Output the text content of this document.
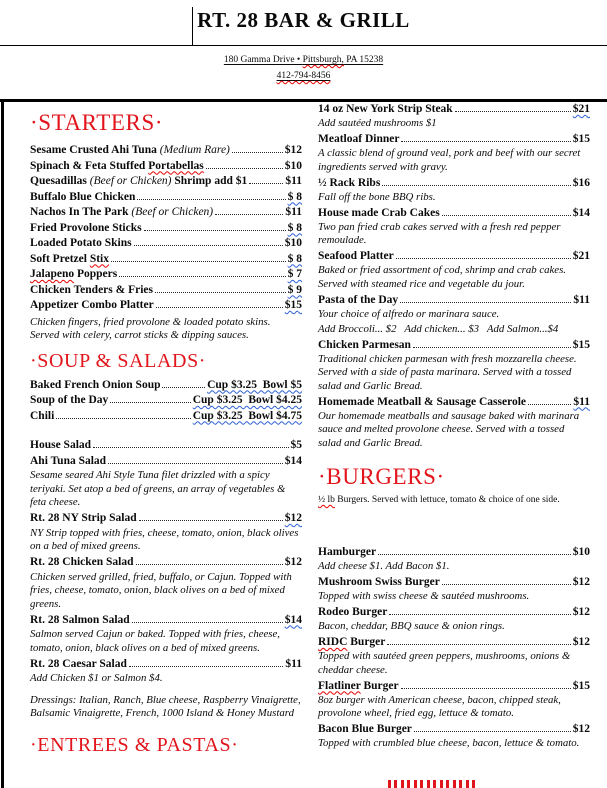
RT. 28 BAR & GRILL
180 Gamma Drive • Pittsburgh, PA 15238
412-794-8456
·STARTERS·
Sesame Crusted Ahi Tuna (Medium Rare)	$12
Spinach & Feta Stuffed Portabellas	$10
Quesadillas (Beef or Chicken) Shrimp add $1	$11
Buffalo Blue Chicken	$ 8
Nachos In The Park (Beef or Chicken)	$11
Fried Provolone Sticks	$ 8
Loaded Potato Skins	$10
Soft Pretzel Stix	$ 8
Jalapeno Poppers	$ 7
Chicken Tenders & Fries	$ 9
Appetizer Combo Platter	$15
Chicken fingers, fried provolone & loaded potato skins. Served with celery, carrot sticks & dipping sauces.
·SOUP & SALADS·
Baked French Onion Soup	Cup $3.25  Bowl $5
Soup of the Day	Cup $3.25  Bowl $4.25
Chili	Cup $3.25  Bowl $4.75
House Salad	$5
Ahi Tuna Salad	$14
Sesame seared Ahi Style Tuna filet drizzled with a spicy teriyaki. Set atop a bed of greens, an array of vegetables & feta cheese.
Rt. 28 NY Strip Salad	$12
NY Strip topped with fries, cheese, tomato, onion, black olives on a bed of mixed greens.
Rt. 28 Chicken Salad	$12
Chicken served grilled, fried, buffalo, or Cajun. Topped with fries, cheese, tomato, onion, black olives on a bed of mixed greens.
Rt. 28 Salmon Salad	$14
Salmon served Cajun or baked. Topped with fries, cheese, tomato, onion, black olives on a bed of mixed greens.
Rt. 28 Caesar Salad	$11
Add Chicken $1 or Salmon $4.
Dressings: Italian, Ranch, Blue cheese, Raspberry Vinaigrette, Balsamic Vinaigrette, French, 1000 Island & Honey Mustard
·ENTREES & PASTAS·
14 oz New York Strip Steak	$21
Add sautéed mushrooms $1
Meatloaf Dinner	$15
A classic blend of ground veal, pork and beef with our secret ingredients served with gravy.
½ Rack Ribs	$16
Fall off the bone BBQ ribs.
House made Crab Cakes	$14
Two pan fried crab cakes served with a fresh red pepper remoulade.
Seafood Platter	$21
Baked or fried assortment of cod, shrimp and crab cakes. Served with steamed rice and vegetable du jour.
Pasta of the Day	$11
Your choice of alfredo or marinara sauce.
Add Broccoli... $2   Add chicken... $3   Add Salmon...$4
Chicken Parmesan	$15
Traditional chicken parmesan with fresh mozzarella cheese. Served with a side of pasta marinara. Served with a tossed salad and Garlic Bread.
Homemade Meatball & Sausage Casserole	$11
Our homemade meatballs and sausage baked with marinara sauce and melted provolone cheese. Served with a tossed salad and Garlic Bread.
·BURGERS·
½ lb Burgers. Served with lettuce, tomato & choice of one side.
Hamburger	$10
Add cheese $1. Add Bacon $1.
Mushroom Swiss Burger	$12
Topped with swiss cheese & sautéed mushrooms.
Rodeo Burger	$12
Bacon, cheddar, BBQ sauce & onion rings.
RIDC Burger	$12
Topped with sautéed green peppers, mushrooms, onions & cheddar cheese.
Flatliner Burger	$15
8oz burger with American cheese, bacon, chipped steak, provolone wheel, fried egg, lettuce & tomato.
Bacon Blue Burger	$12
Topped with crumbled blue cheese, bacon, lettuce & tomato.
